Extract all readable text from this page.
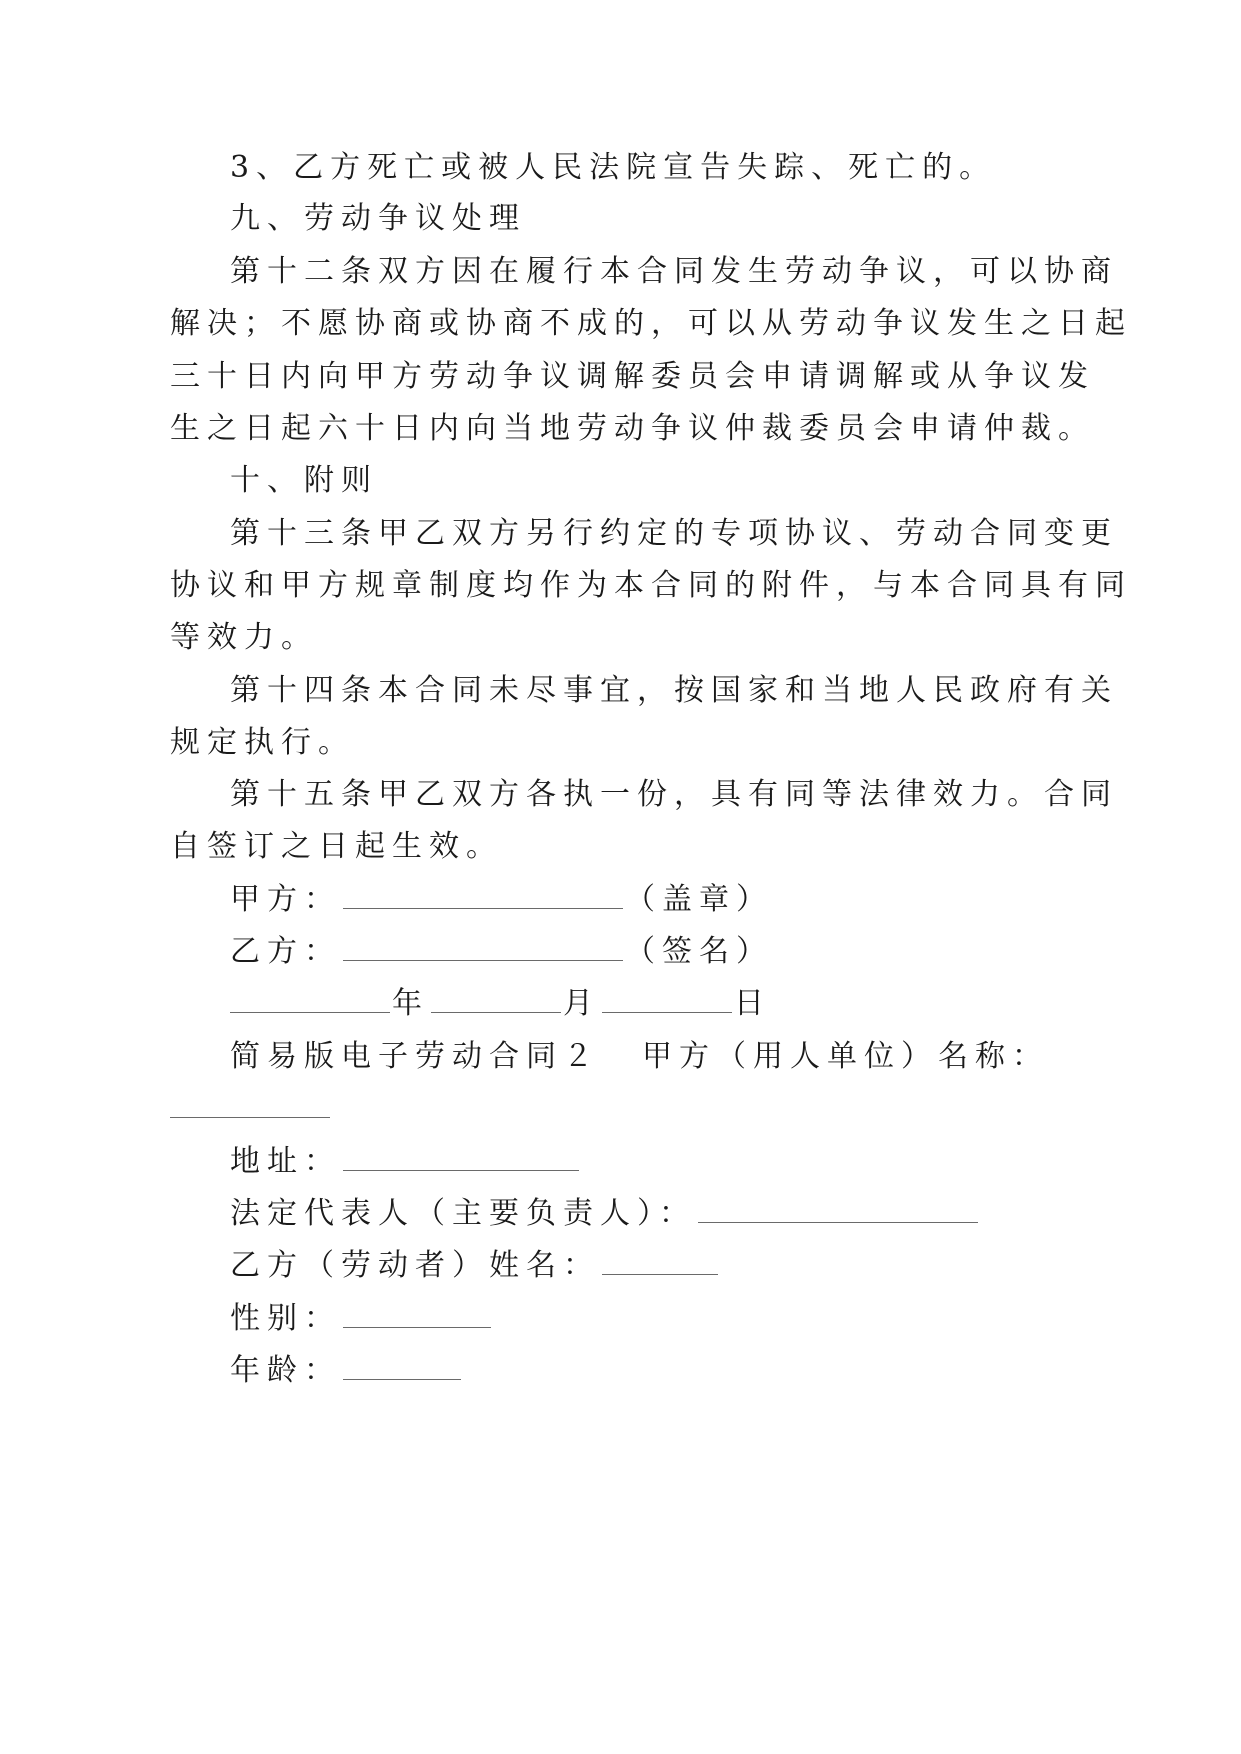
3、乙方死亡或被人民法院宣告失踪、死亡的。
九、劳动争议处理
第十二条双方因在履行本合同发生劳动争议，可以协商
解决；不愿协商或协商不成的，可以从劳动争议发生之日起
三十日内向甲方劳动争议调解委员会申请调解或从争议发
生之日起六十日内向当地劳动争议仲裁委员会申请仲裁。
十、附则
第十三条甲乙双方另行约定的专项协议、劳动合同变更
协议和甲方规章制度均作为本合同的附件，与本合同具有同
等效力。
第十四条本合同未尽事宜，按国家和当地人民政府有关
规定执行。
第十五条甲乙双方各执一份，具有同等法律效力。合同
自签订之日起生效。
甲方：	（盖章）
乙方：	（签名）
年	月	日
简易版电子劳动合同２ 甲方（用人单位）名称：
地址：
法定代表人（主要负责人）：
乙方（劳动者）姓名：
性别：
年龄：
